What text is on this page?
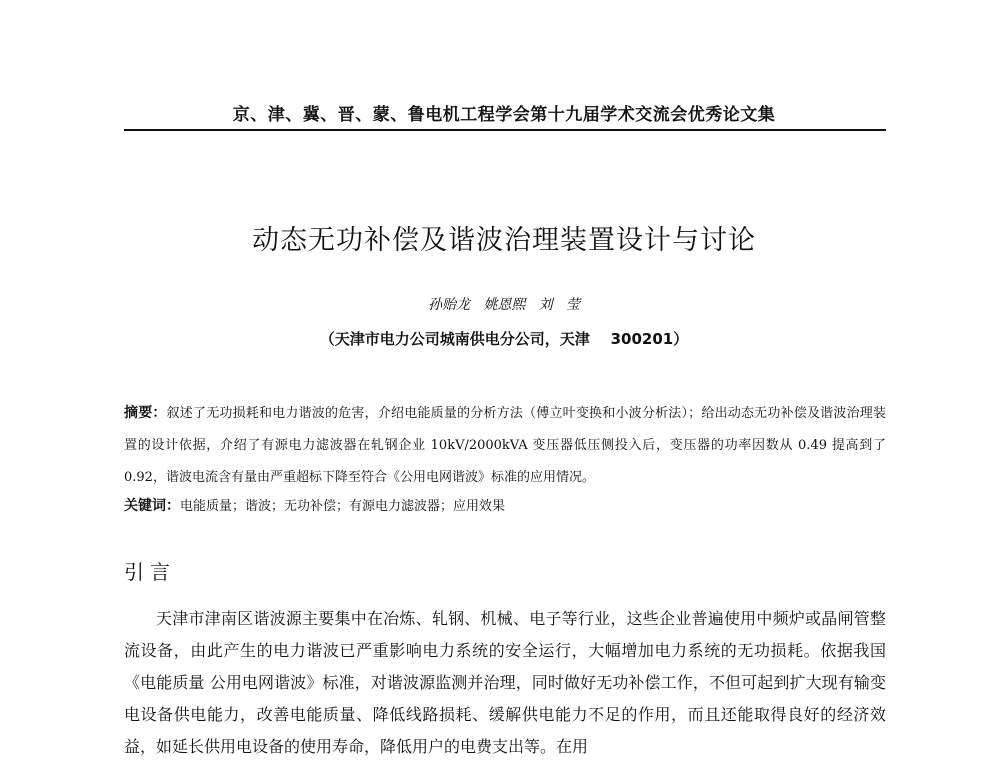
京、津、冀、晋、蒙、鲁电机工程学会第十九届学术交流会优秀论文集
动态无功补偿及谐波治理装置设计与讨论
孙贻龙   姚恩熙   刘   莹
（天津市电力公司城南供电分公司，天津    300201）
摘要：叙述了无功损耗和电力谐波的危害，介绍电能质量的分析方法（傅立叶变换和小波分析法）；给出动态无功补偿及谐波治理装置的设计依据，介绍了有源电力滤波器在轧钢企业 10kV/2000kVA 变压器低压侧投入后，变压器的功率因数从 0.49 提高到了 0.92，谐波电流含有量由严重超标下降至符合《公用电网谐波》标准的应用情况。
关键词：电能质量；谐波；无功补偿；有源电力滤波器；应用效果
引言

天津市津南区谐波源主要集中在冶炼、轧钢、机械、电子等行业，这些企业普遍使用中频炉或晶闸管整流设备，由此产生的电力谐波已严重影响电力系统的安全运行，大幅增加电力系统的无功损耗。依据我国《电能质量 公用电网谐波》标准，对谐波源监测并治理，同时做好无功补偿工作，不但可起到扩大现有输变电设备供电能力，改善电能质量、降低线路损耗、缓解供电能力不足的作用，而且还能取得良好的经济效益，如延长供用电设备的使用寿命，降低用户的电费支出等。在用
